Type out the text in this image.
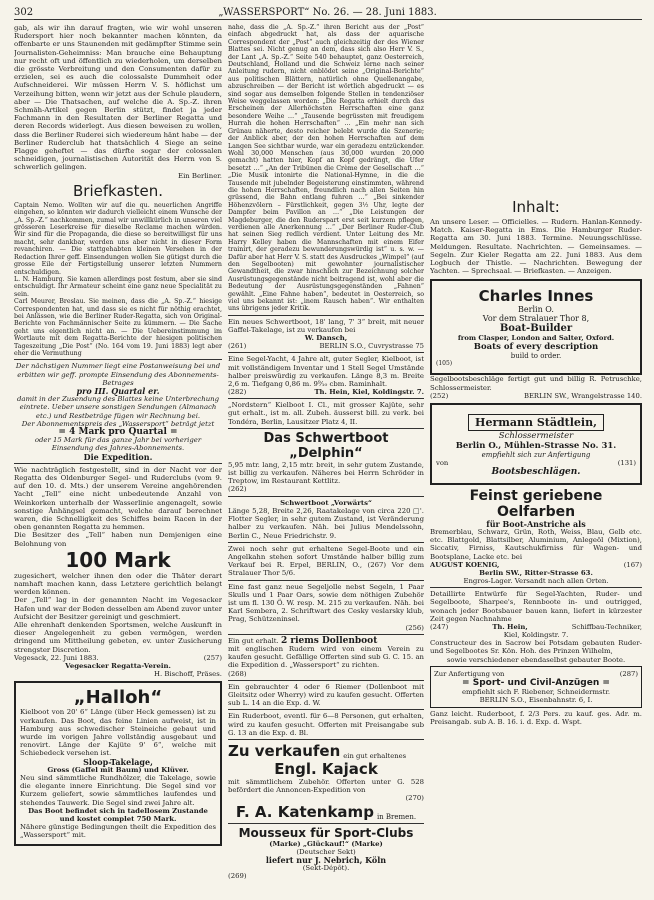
302	„WASSERSPORT“ No. 26. — 28. Juni 1883.

gab, als wir ihn darauf fragten, wie wir wohl unseren Rudersport hier noch bekannter machen könnten, da offenbarte er uns Staunenden mit gedämpfter Stimme sein Journalisten-Geheimniss: Man brauche eine Behauptung nur recht oft und öffentlich zu wiederholen, um derselben die grösste Verbreitung und den Consumenten dafür zu erzielen, sei es auch die colossalste Dummheit oder Aufschneiderei. Wir müssen Herrn V. S. höflichst um Verzeihung bitten, wenn wir jetzt aus der Schule plaudern, aber — Die Thatsachen, auf welche die A. Sp.-Z. ihren Schmäh-Artikel gegen Berlin stützt, findet ja jeder Fachmann in den Resultaten der Berliner Regatta und deren Records widerlegt. Aus diesen beweisen zu wollen, dass die Berliner Ruderei sich wiedereum hänt habe — der Berliner Ruderclub hat thatsächlich 4 Siege an seine Flagge geheftet — das dürfte sogar der colossalen schneidigen, journalistischen Autorität des Herrn von S. schwerlich gelingen.

Ein Berliner.

Briefkasten.

Captain Nemo. Wollten wir auf die qu. neuerlichen Angriffe eingehen, so könnten wir dadurch vielleicht einem Wunsche der „A. Sp.-Z.“ nachkommen, zumal wir unwillkürlich in unseren viel grösseren Leserkreise für dieselbe Reclame machen würden. Wir sind für die Propaganda, die diese so bereitwilligst für uns macht, sehr dankbar, werden uns aber nicht in dieser Form revanchiren. — Die stattgehabten kleinen Versehen in der Redaction Ihrer geff. Einsendungen wollen Sie gütigst durch die grosse Eile der Fertigstellung unserer letzten Nummern entschuldigen.

L. N. Hamburg. Sie kamen allerdings post festum, aber sie sind entschuldigt. Ihr Armateur scheint eine ganz neue Specialität zu sein.

Carl Meurer, Breslau. Sie meinen, dass die „A. Sp.-Z.“ hiesige Correspondenten hat, und dass sie es nicht für nöthig erachtet, bei Anlässen, wie die Berliner Ruder-Regatta, sich von Original-Berichte von Fachmännischer Seite zu kümmern. — Die Sache geht uns eigentlich nicht an. — Die Uebereinstimmung im Wortlaute mit dem Regatta-Berichte der hiesigen politischen Tageszeitung „Die Post“ (No. 164 vom 19. Juni 1883) legt aber eher die Vermuthung

Der nächstigen Nummer liegt eine Postanweisung bei und erbitten wir geff. prompte Einsendung des Abonnements-Betrages

pro III. Quartal er.

damit in der Zusendung des Blattes keine Unterbrechung eintrete. Ueber unsere sonstigen Sendungen (Almanach etc.) und Restbeträge fügen wir Rechnung bei.

Der Abonnementspreis des „Wassersport“ beträgt jetzt

= 4 Mark pro Quartal =

oder 15 Mark für das ganze Jahr bei vorheriger Einsendung des Jahres-Abonnements.

Die Expedition.

Wie nachträglich festgestellt, sind in der Nacht vor der Regatta des Oldenburger Segel- und Ruderclubs (vom 9. auf den 10. d. Mts.) der unserem Vereine angehörenden Yacht „Tell“ eine nicht unbedeutende Anzahl von Weinkorken unterhalb der Wasserlinie angenagelt, sowie sonstige Änhängsel gemacht, welche darauf berechnet waren, die Schnelligkeit des Schiffes beim Racen in der oben genannten Regatta zu hemmen.

Die Besitzer des „Tell“ haben nun Demjenigen eine Belohnung von

100 Mark

zugesichert, welcher ihnen den oder die Thäter derart namhaft machen kann, dass Letztere gerichtlich belangt werden können.

Der „Tell“ lag in der genannten Nacht im Vegesacker Hafen und war der Boden desselben am Abend zuvor unter Aufsicht der Besitzer gereinigt und geschmiert.

Alle ehrenhaft denkenden Sportsmen, welche Auskunft in dieser Angelegenheit zu geben vermögen, werden dringend um Mittheilung gebeten, ev. unter Zusicherung strengster Discretion.

Vegesack, 22. Juni 1883.	(257)

Vegesacker Regatta-Verein.

H. Bischoff, Präses.

„Halloh“

Kielboot von 20' 6“ Länge (über Heck gemessen) ist zu verkaufen. Das Boot, das feine Linien aufweist, ist in Hamburg aus schwedischer Steineiche gebaut und wurde im vorigen Jahre vollständig ausgebaut und renovirt. Länge der Kajüte 9' 6“, welche mit Schiebedeck versehen ist.

Sloop-Takelage,

Gross (Gaffel mit Baum) und Klüver.

Neu sind sämmtliche Rundhölzer, die Takelage, sowie die elegante innere Einrichtung. Die Segel sind vor Kurzem geliefert, sowie sämmtliches laufendes und stehendes Tauwerk. Die Segel sind zwei Jahre alt.

Das Boot befindet sich in tadellosem Zustande und kostet complet 750 Mark.

Nähere günstige Bedingungen theilt die Expedition des „Wassersport“ mit.

nahe, dass die „A. Sp.-Z.“ ihren Bericht aus der „Post“ einfach abgedruckt hat, als dass der aquarische Correspondent der „Post“ auch gleichzeitig der des Wiener Blattes sei. Nicht genug an dem, dass sich also Herr V. S., der Lant „A. Sp.-Z.“ Seite 540 behauptet, ganz Oesterreich, Deutschland, Holland und die Schweiz lerne nach seiner Anleitung rudern, nicht enblödet seine „Original-Berichte“ aus politischen Blättern, natürlich ohne Quellenangabe, abzuschreiben — der Bericht ist wörtlich abgedruckt — es sind sogar aus demselben folgende Stellen in tendenziöser Weise weggelassen worden: „Die Regatta erhielt durch das Erscheinen der Allerhöchsten Herrschaften eine ganz besondere Weihe …“ „Tausende begrüssten mit freudigem Hurrah die hohen Herrschaften“ … „Ein mehr nan sich Grünau näherte, desto reicher belebt wurde die Szenerie; der Anblick aber, der den hohen Herrschaften auf dem Langen See sichtbar wurde, war ein geradezu entzückender. Wohl 30,000 Menschen (aus 30,000 wurden 20,000 gemacht) hatten hier, Kopf an Kopf gedrängt, die Ufer besetzt …“ „An der Tribünen die Crème der Gesellschaft …“ „Die Musik intonirte die National-Hymne, in die die Tausende mit jubelnder Begeisterung einstimmten, während die hohen Herrschaften, freundlich nach allen Seiten hin grüssend, die Bahn entlang fuhren …“ „Bei sinkender Höhenzvölern – Fürstlichkeit, gegen 3½ Uhr, legte der Dampfer beim Pavillon an …“ „Die Leistungen der Magdeburger, die den Ruderspart erst seit kurzem pflegen, verdienen alle Anerkennung …“ „Der Berliner Ruder-Club hat seinen Sieg redlich verdient. Unter Leitung des Mr. Harry Kelley haben die Mannschaften mit einem Eifer trainirt, der geradezu bewunderungswürdig ist“ u. s. w. — Dafür aber hat Herr V. S. statt des Ausdruckes „Wimpel“ (auf den Segelbooten) mit gewohnter journalistischer Gewandtheit, die zwar hinschlich zur Bezeichnung solcher Ausrüstungsgegenstände nicht beitragend ist, wohl aber die Bedeutung der Ausrüstungsgegenständen „Fahnen“ gewählt. „Eine Fahne haben“, bedeutet in Oesterreich, so viel uns bekannt ist: „inem Rausch haben“. Wir enthalten uns übrigens jeder Kritik.

Ein neues Schwertboot, 18' lang, 7' 3“ breit, mit neuer Gaffel-Takelage, ist zu verkaufen bei

W. Dansch,

(261)	BERLIN S.O., Cuvrystrasse 75

Eine Segel-Yacht, 4 Jahre alt, guter Segler, Kielboot, ist mit vollständigem Inventar und 1 Stell Segel Umstände halber preiswürdig zu verkaufen. Länge 8,3 m. Breite 2,6 m. Tiefgang 0,86 m. 9⁹⁄₁₀ cbm. Raminhalt.

(282)	Th. Hein, Kiel, Koldingstr. 7.

„Nordstern“ Kielboot I. Cl., mit grosser Kajüte, sehr gut erhalt., ist m. all. Zubeh. äusserst bill. zu verk. bei Tondéra, Berlin, Lausitzer Platz 4, II.

Das Schwertboot „Delphin“

5,95 mtr. lang, 2,15 mtr. breit, in sehr gutem Zustande, ist billig zu verkaufen. Näheres bei Herrn Schröder in Treptow, im Restaurant Kettlitz.

(262)

Schwertboot „Vorwärts“

Länge 5,28, Breite 2,26, Raatakelage von circa 220 □'. Flotter Segler, in sehr gutem Zustand, ist Veränderung halber zu verkaufen. Näh. bei Julius Mendelssohn, Berlin C., Neue Friedrichstr. 9.

Zwei noch sehr gut erhaltene Segel-Boote und ein Angelkahn stehen sofort Umstände halber billig zum Verkauf bei R. Erpel, BERLIN, O., (267) Vor dem Stralauer Thor 5/6.

Eine fast ganz neue Segeljolle nebst Segeln, 1 Paar Skulls und 1 Paar Oars, sowie dem nöthigen Zubehör ist um fl. 130 Ö. W. resp. M. 215 zu verkaufen. Näh. bei Karl Sembera, 2. Schriftwart des Cesky veslarsky klub, Prag, Schützeninsel.

(256)

Ein gut erhalt. 2 riems Dollenboot

mit englischen Rudern wird von einem Verein zu kaufen gesucht. Gefällige Offerten sind sub G. C. 15. an die Expedition d. „Wassersport“ zu richten.

(268)

Ein gebrauchter 4 oder 6 Riemer (Dollenboot mit Gleitsitz oder Wherry) wird zu kaufen gesucht. Offerten sub L. 14 an die Exp. d. W.

Ein Ruderboot, eventl. für 6—8 Personen, gut erhalten, wird zu kaufen gesucht. Offerten mit Preisangabe sub G. 13 an die Exp. d. Bl.

Zu verkaufen ein gut erhaltenes
Engl. Kajack

mit sämmtlichem Zubehör. Offerten unter G. 528 befördert die Annoncen-Expedition von

(270)

F. A. Katenkamp in Bremen.
Mousseux für Sport-Clubs

(Marke) „Glückauf!“ (Marke)

(Deutscher Sekt)

liefert nur J. Nebrich, Köln

(Sekt-Dépôt).

(269)

Inhalt:

An unsere Leser. — Officielles. — Rudern. Hanlan-Kennedy-Match. Kaiser-Regatta in Ems. Die Hamburger Ruder-Regatta am 30. Juni 1883. Termine. Neuungsschlüsse. Meldungen. Resultate. Nachrichten. — Gemeinsames. — Segeln. Zur Kieler Regatta am 22. Juni 1883. Aus dem Logbuch der Thistle. — Nachrichten. Bewegung der Yachten. — Sprechsaal. — Briefkasten. — Anzeigen.

Charles Innes
Berlin O.
Vor dem Stralauer Thor 8,
Boat-Builder
from Clasper, London and Salter, Oxford.
Boats of every description
build to order.
(105)

Segelbootsbeschläge fertigt gut und billig R. Petruschke, Schlossermeister.

(252)	BERLIN SW., Wrangelstrasse 140.
Hermann Städtlein,
Schlossermeister
Berlin O., Mühlen-Strasse No. 31.
empfiehlt sich zur Anfertigung
von	(131)
Bootsbeschlägen.
Feinst geriebene Oelfarben

für Boot-Anstriche als

Bremerblau, Schwarz, Grün, Roth, Weiss, Blau, Gelb etc. etc. Blattgold, Blattsilber, Aluminium, Anlegeöl (Mixtion), Siccativ, Firniss, Kautschukfirniss für Wagen- und Bootsplane, Lacke etc. bei

AUGUST KOENIG,	(167)

Berlin SW., Ritter-Strasse 63.

Engros-Lager. Versandt nach allen Orten.

Detaillirte Entwürfe für Segel-Yachten, Ruder- und Segelboote, Sharpee's, Rennboote in- und outrigged, wonach jeder Bootsbauer bauen kann, liefert in kürzester Zeit gegen Nachnahme

(247)	Th. Hein,	Schiffbau-Techniker,

Kiel, Koldingstr. 7.

Constructeur des in Sacrow bei Potsdam gebauten Ruder- und Segelbootes Sr. Kön. Hoh. des Prinzen Wilhelm,

sowie verschiedener ebendaselbst gebauter Boote.

Zur Anfertigung von	(287)
= Sport- und Civil-Anzügen =

empfiehlt sich F. Riebener, Schneidermstr.

BERLIN S.O., Eisenbahnstr. 6, I.

Ganz leicht. Ruderboot, f. 2/3 Pers. zu kauf. ges. Adr. m. Preisangab. sub A. B. 16. i. d. Exp. d. Wspt.
